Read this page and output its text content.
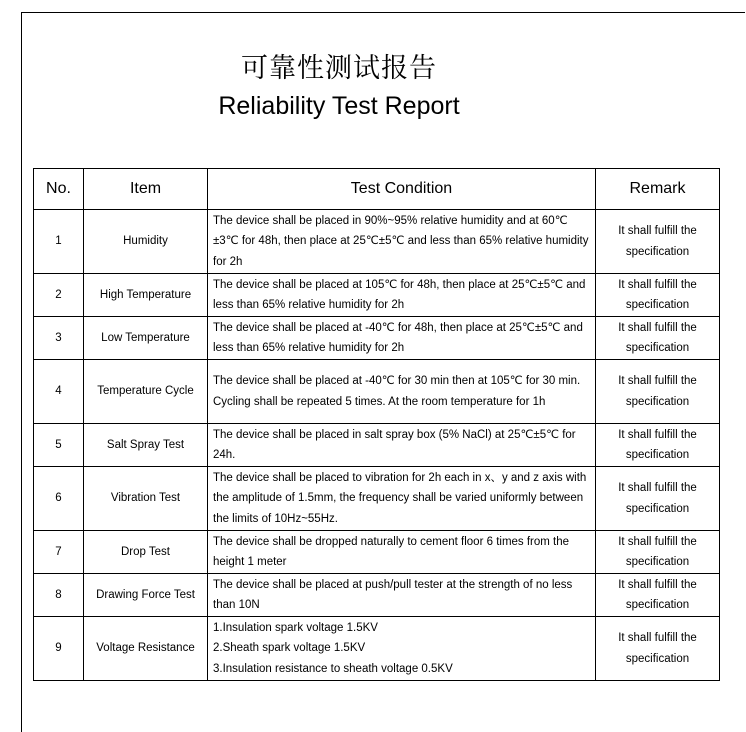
可靠性测试报告
Reliability Test Report
No.	Item	Test Condition	Remark
1	Humidity	The device shall be placed in 90%~95% relative humidity and at 60℃±3℃ for 48h, then place at 25℃±5℃ and less than 65% relative humidity for 2h	It shall fulfill the specification
2	High Temperature	The device shall be placed at 105℃ for 48h, then place at 25℃±5℃ and less than 65% relative humidity for 2h	It shall fulfill the specification
3	Low Temperature	The device shall be placed at -40℃ for 48h, then place at 25℃±5℃ and less than 65% relative humidity for 2h	It shall fulfill the specification
4	Temperature Cycle	The device shall be placed at -40℃ for 30 min then at 105℃ for 30 min. Cycling shall be repeated 5 times. At the room temperature for 1h	It shall fulfill the specification
5	Salt Spray Test	The device shall be placed in salt spray box (5% NaCl) at 25℃±5℃ for 24h.	It shall fulfill the specification
6	Vibration Test	The device shall be placed to vibration for 2h each in x、y and z axis with the amplitude of 1.5mm, the frequency shall be varied uniformly between the limits of 10Hz~55Hz.	It shall fulfill the specification
7	Drop Test	The device shall be dropped naturally to cement floor 6 times from the height 1 meter	It shall fulfill the specification
8	Drawing Force Test	The device shall be placed at push/pull tester at the strength of no less than 10N	It shall fulfill the specification
9	Voltage Resistance	1.Insulation spark voltage 1.5KV
2.Sheath spark voltage 1.5KV
3.Insulation resistance to sheath voltage 0.5KV	It shall fulfill the specification
